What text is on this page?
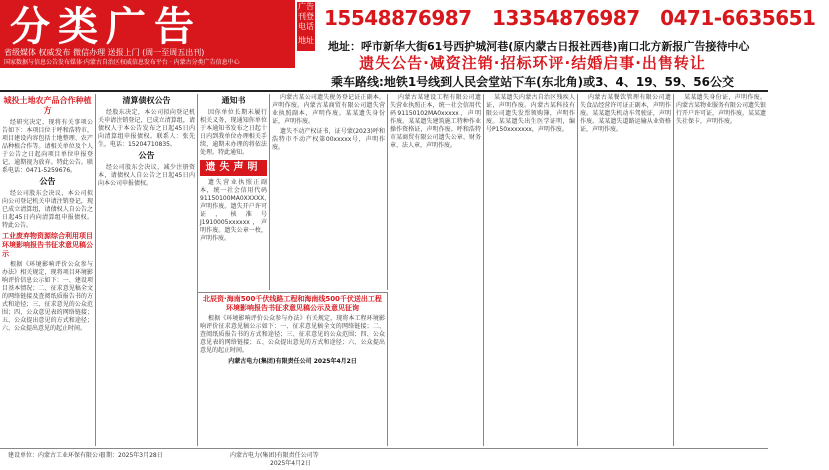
分类广告
省级媒体 权威发布 微信办理 送报上门 (周一至周五出刊)
国家数据与信息公告发布媒体·内蒙古自治区权威信息发布平台 · 内蒙古分类广告信息中心
广告刊登电话
地址
15548876987 13354876987 0471-6635651
地址：呼市新华大街61号西护城河巷(原内蒙古日报社西巷)南口北方新报广告接待中心
遗失公告·减资注销·招标环评·结婚启事·出售转让
乘车路线:地铁1号线到人民会堂站下车(东北角)或3、4、19、59、56公交
城投土地农产品合作种植方

经研究决定，现将有关事项公告如下：本项目位于呼和浩特市，项目建设内容包括土地整理、农产品种植合作等。请相关单位及个人于公告之日起向项目单位申报登记，逾期视为放弃。特此公告。联系电话：0471-5259676。

公告

经公司股东会决议，本公司拟向公司登记机关申请注销登记，现已成立清算组，请债权人自公告之日起45日内向清算组申报债权。特此公告。

工业废弃物资源综合利用项目环境影响报告书征求意见稿公示

根据《环境影响评价公众参与办法》相关规定，现将项目环境影响评价信息公示如下：一、建设项目基本情况；二、征求意见稿全文的网络链接及查阅纸质报告书的方式和途径；三、征求意见的公众范围；四、公众意见表的网络链接；五、公众提出意见的方式和途径；六、公众提出意见的起止时间。

清算债权公告

经股东决定，本公司拟向登记机关申请注销登记，已成立清算组，请债权人于本公告发布之日起45日内向清算组申报债权。联系人：张先生，电话：15204710835。

公告

经公司股东会决议，减少注册资本，请债权人自公告之日起45日内向本公司申报债权。

通知书

因你单位长期未履行相关义务，现通知你单位于本通知书发布之日起十日内到我单位办理相关手续，逾期未办理的将依法处理。特此通知。

遗失声明

遗失营业执照正副本，统一社会信用代码91150100MA0XXXXX，声明作废。遗失开户许可证，核准号J1910005xxxxxx，声明作废。遗失公章一枚，声明作废。

内蒙古某公司遗失税务登记证正副本，声明作废。内蒙古某商贸有限公司遗失营业执照副本，声明作废。某某遗失身份证，声明作废。

遗失不动产权证书，证号蒙(2023)呼和浩特市不动产权第00xxxxx号，声明作废。

北辰资·海南500千伏线路工程和海南线500千伏送出工程环境影响报告书征求意见稿公示及意见征询

根据《环境影响评价公众参与办法》有关规定，现将本工程环境影响评价征求意见稿公示如下：一、征求意见稿全文的网络链接；二、查阅纸质报告书的方式和途径；三、征求意见的公众范围；四、公众意见表的网络链接；五、公众提出意见的方式和途径；六、公众提出意见的起止时间。

内蒙古电力(集团)有限责任公司 2025年4月2日

内蒙古某建设工程有限公司遗失营业执照正本，统一社会信用代码91150102MA0xxxxx，声明作废。某某遗失建筑施工特种作业操作资格证，声明作废。呼和浩特市某商贸有限公司遗失公章、财务章、法人章，声明作废。

某某遗失内蒙古自治区残疾人证，声明作废。内蒙古某科技有限公司遗失发票领购簿，声明作废。某某遗失出生医学证明，编号P150xxxxxxx，声明作废。

内蒙古某餐饮管理有限公司遗失食品经营许可证正副本，声明作废。某某遗失机动车驾驶证，声明作废。某某遗失道路运输从业资格证，声明作废。

某某遗失身份证，声明作废。内蒙古某物业服务有限公司遗失银行开户许可证，声明作废。某某遗失社保卡，声明作废。

建设单位：内蒙古工业环保有限公司
日期：2025年3月28日	内蒙古电力(集团)有限责任公司等
2025年4月2日
